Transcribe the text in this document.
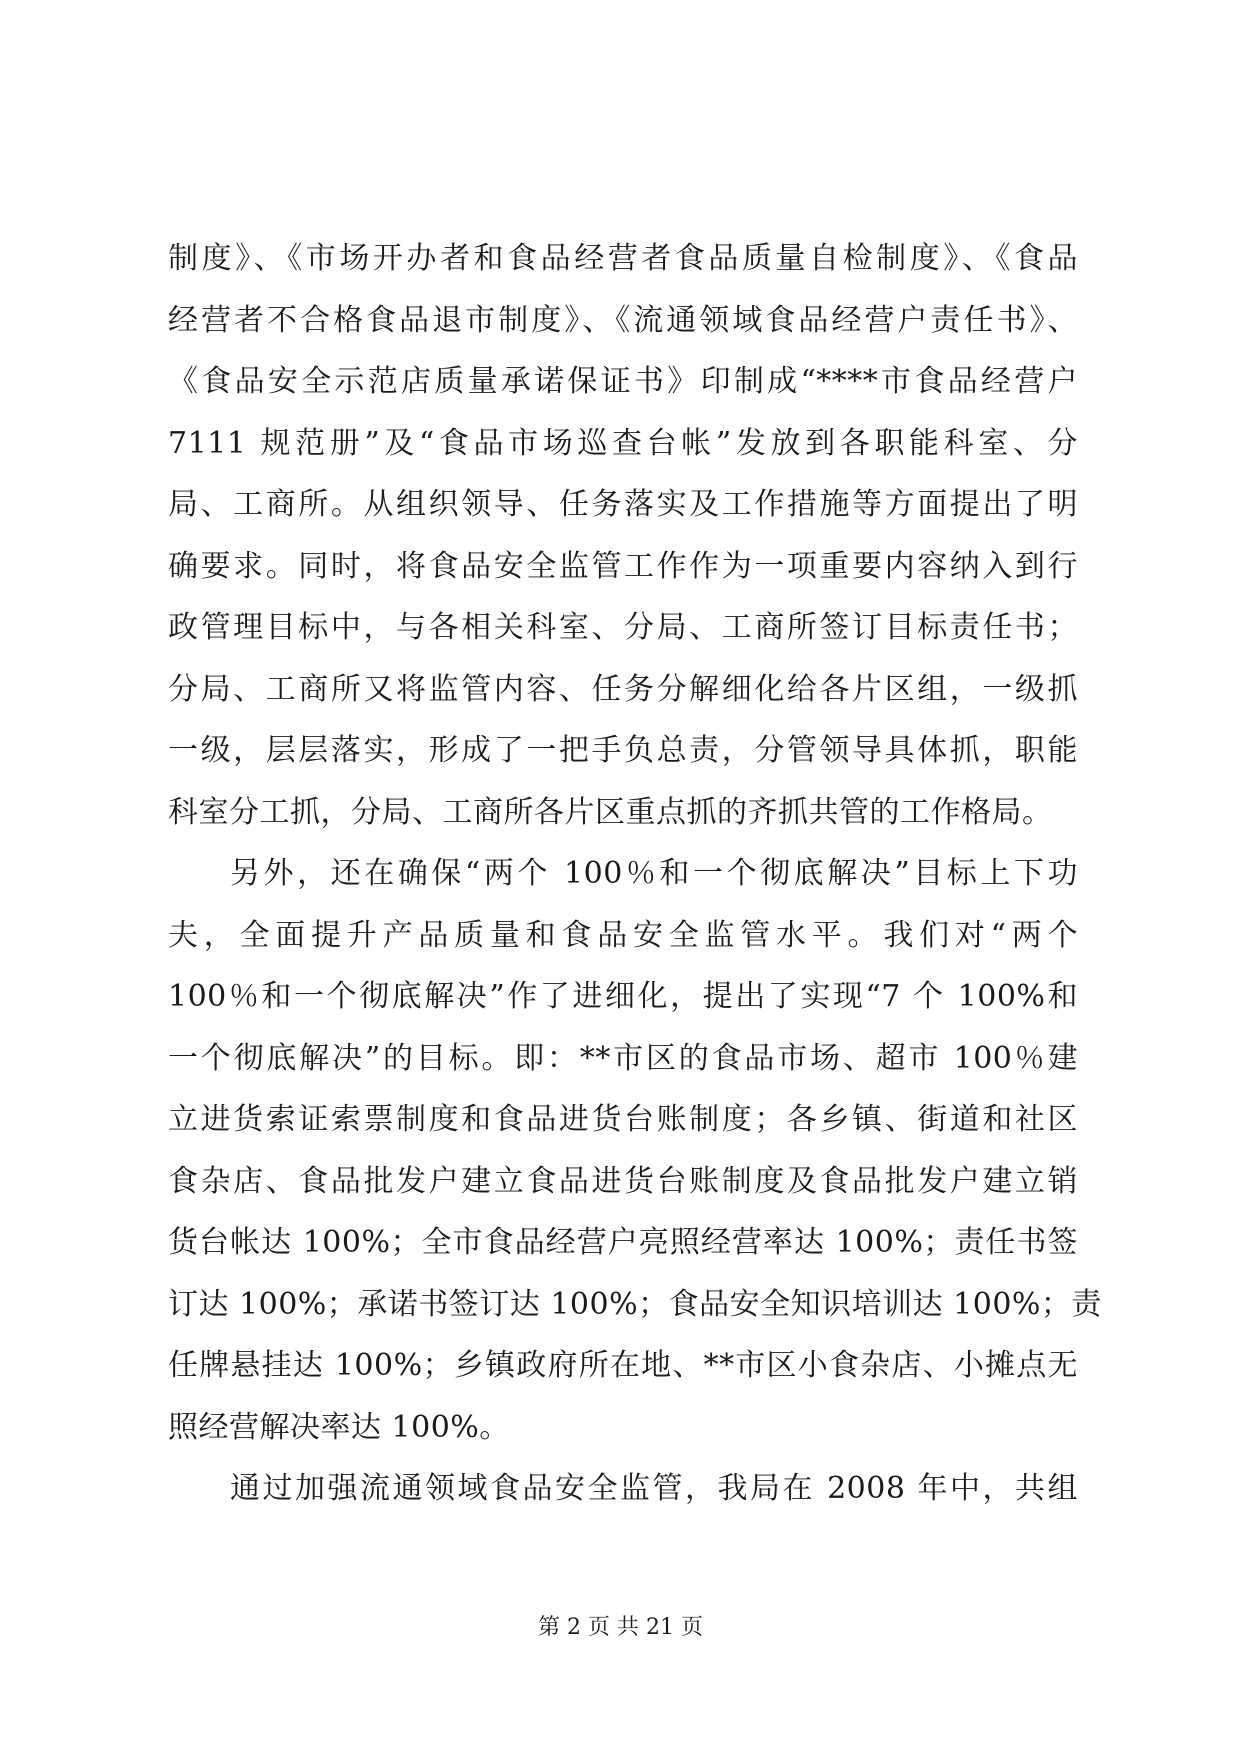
制度》、《市场开办者和食品经营者食品质量自检制度》、《食品
经营者不合格食品退市制度》、《流通领域食品经营户责任书》、
《食品安全示范店质量承诺保证书》印制成“****市食品经营户
7111 规范册”及“食品市场巡查台帐”发放到各职能科室、分
局、工商所。从组织领导、任务落实及工作措施等方面提出了明
确要求。同时，将食品安全监管工作作为一项重要内容纳入到行
政管理目标中，与各相关科室、分局、工商所签订目标责任书；
分局、工商所又将监管内容、任务分解细化给各片区组，一级抓
一级，层层落实，形成了一把手负总责，分管领导具体抓，职能
科室分工抓，分局、工商所各片区重点抓的齐抓共管的工作格局。
另外，还在确保“两个 100％和一个彻底解决”目标上下功
夫，全面提升产品质量和食品安全监管水平。我们对“两个
100％和一个彻底解决”作了进细化，提出了实现“7 个 100%和
一个彻底解决”的目标。即：**市区的食品市场、超市 100％建
立进货索证索票制度和食品进货台账制度；各乡镇、街道和社区
食杂店、食品批发户建立食品进货台账制度及食品批发户建立销
货台帐达 100%；全市食品经营户亮照经营率达 100%；责任书签
订达 100%；承诺书签订达 100%；食品安全知识培训达 100%；责
任牌悬挂达 100%；乡镇政府所在地、**市区小食杂店、小摊点无
照经营解决率达 100%。
通过加强流通领域食品安全监管，我局在 2008 年中，共组
第 2 页 共 21 页
